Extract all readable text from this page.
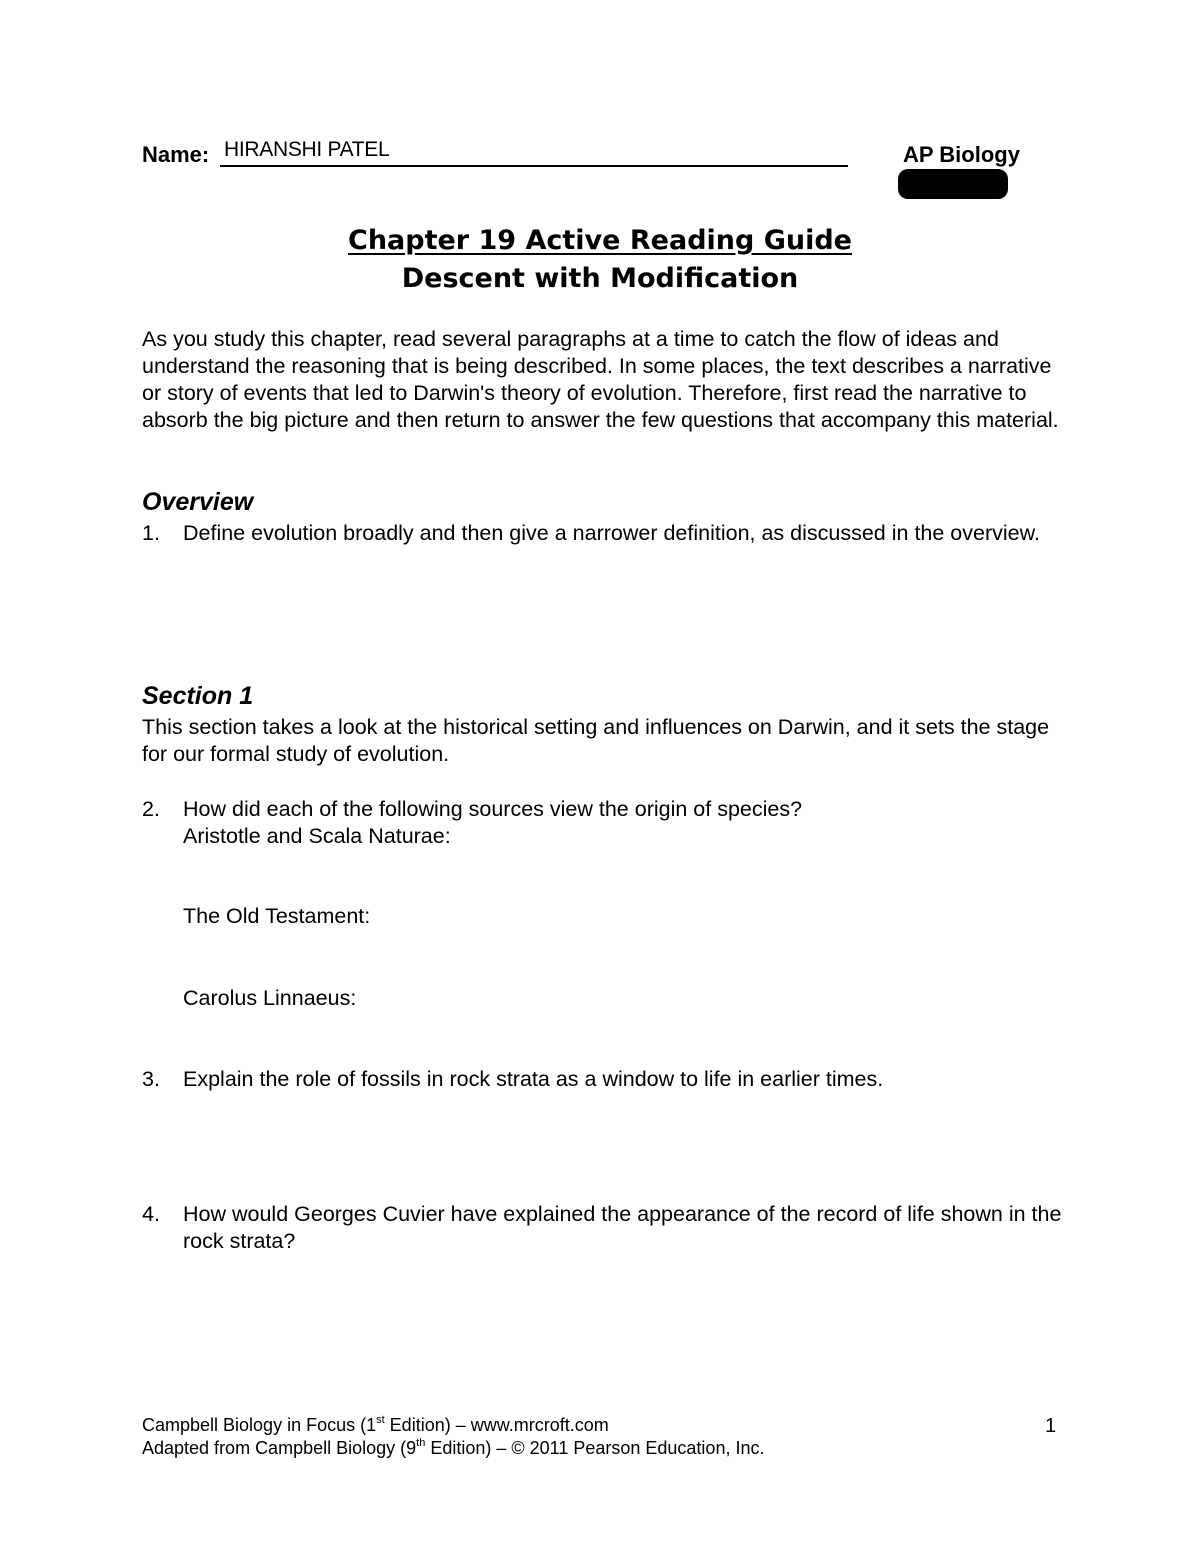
Name: HIRANSHI PATEL	AP Biology
Chapter 19 Active Reading Guide
Descent with Modification
As you study this chapter, read several paragraphs at a time to catch the flow of ideas and understand the reasoning that is being described. In some places, the text describes a narrative or story of events that led to Darwin's theory of evolution. Therefore, first read the narrative to absorb the big picture and then return to answer the few questions that accompany this material.
Overview
1. Define evolution broadly and then give a narrower definition, as discussed in the overview.
Section 1
This section takes a look at the historical setting and influences on Darwin, and it sets the stage for our formal study of evolution.
2. How did each of the following sources view the origin of species?
Aristotle and Scala Naturae:
The Old Testament:
Carolus Linnaeus:
3. Explain the role of fossils in rock strata as a window to life in earlier times.
4. How would Georges Cuvier have explained the appearance of the record of life shown in the rock strata?
Campbell Biology in Focus (1st Edition) – www.mrcroft.com
Adapted from Campbell Biology (9th Edition) – © 2011 Pearson Education, Inc.
1
